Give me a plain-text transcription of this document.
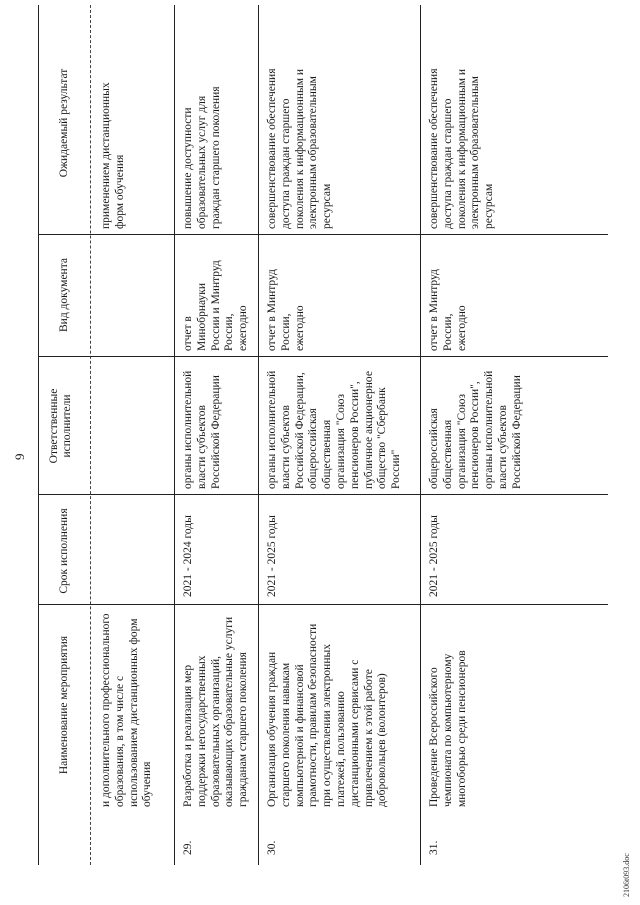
9
Наименование мероприятия
Срок исполнения
Ответственные исполнители
Вид документа
Ожидаемый результат
и дополнительного профессионального образования, в том числе с использованием дистанционных форм обучения
применением дистанционных форм обучения
29.
Разработка и реализация мер поддержки негосударственных образовательных организаций, оказывающих образовательные услуги гражданам старшего поколения
2021 - 2024 годы
органы исполнительной власти субъектов Российской Федерации
отчет в Минобрнауки России и Минтруд России, ежегодно
повышение доступности образовательных услуг для граждан старшего поколения
30.
Организация обучения граждан старшего поколения навыкам компьютерной и финансовой грамотности, правилам безопасности при осуществлении электронных платежей, пользованию дистанционными сервисами с привлечением к этой работе добровольцев (волонтеров)
2021 - 2025 годы
органы исполнительной власти субъектов Российской Федерации, общероссийская общественная организация "Союз пенсионеров России", публичное акционерное общество "Сбербанк России"
отчет в Минтруд России, ежегодно
совершенствование обеспечения доступа граждан старшего поколения к информационным и электронным образовательным ресурсам
31.
Проведение Всероссийского чемпионата по компьютерному многоборью среди пенсионеров
2021 - 2025 годы
общероссийская общественная организация "Союз пенсионеров России", органы исполнительной власти субъектов Российской Федерации
отчет в Минтруд России, ежегодно
совершенствование обеспечения доступа граждан старшего поколения к информационным и электронным образовательным ресурсам
2106t093.doc
